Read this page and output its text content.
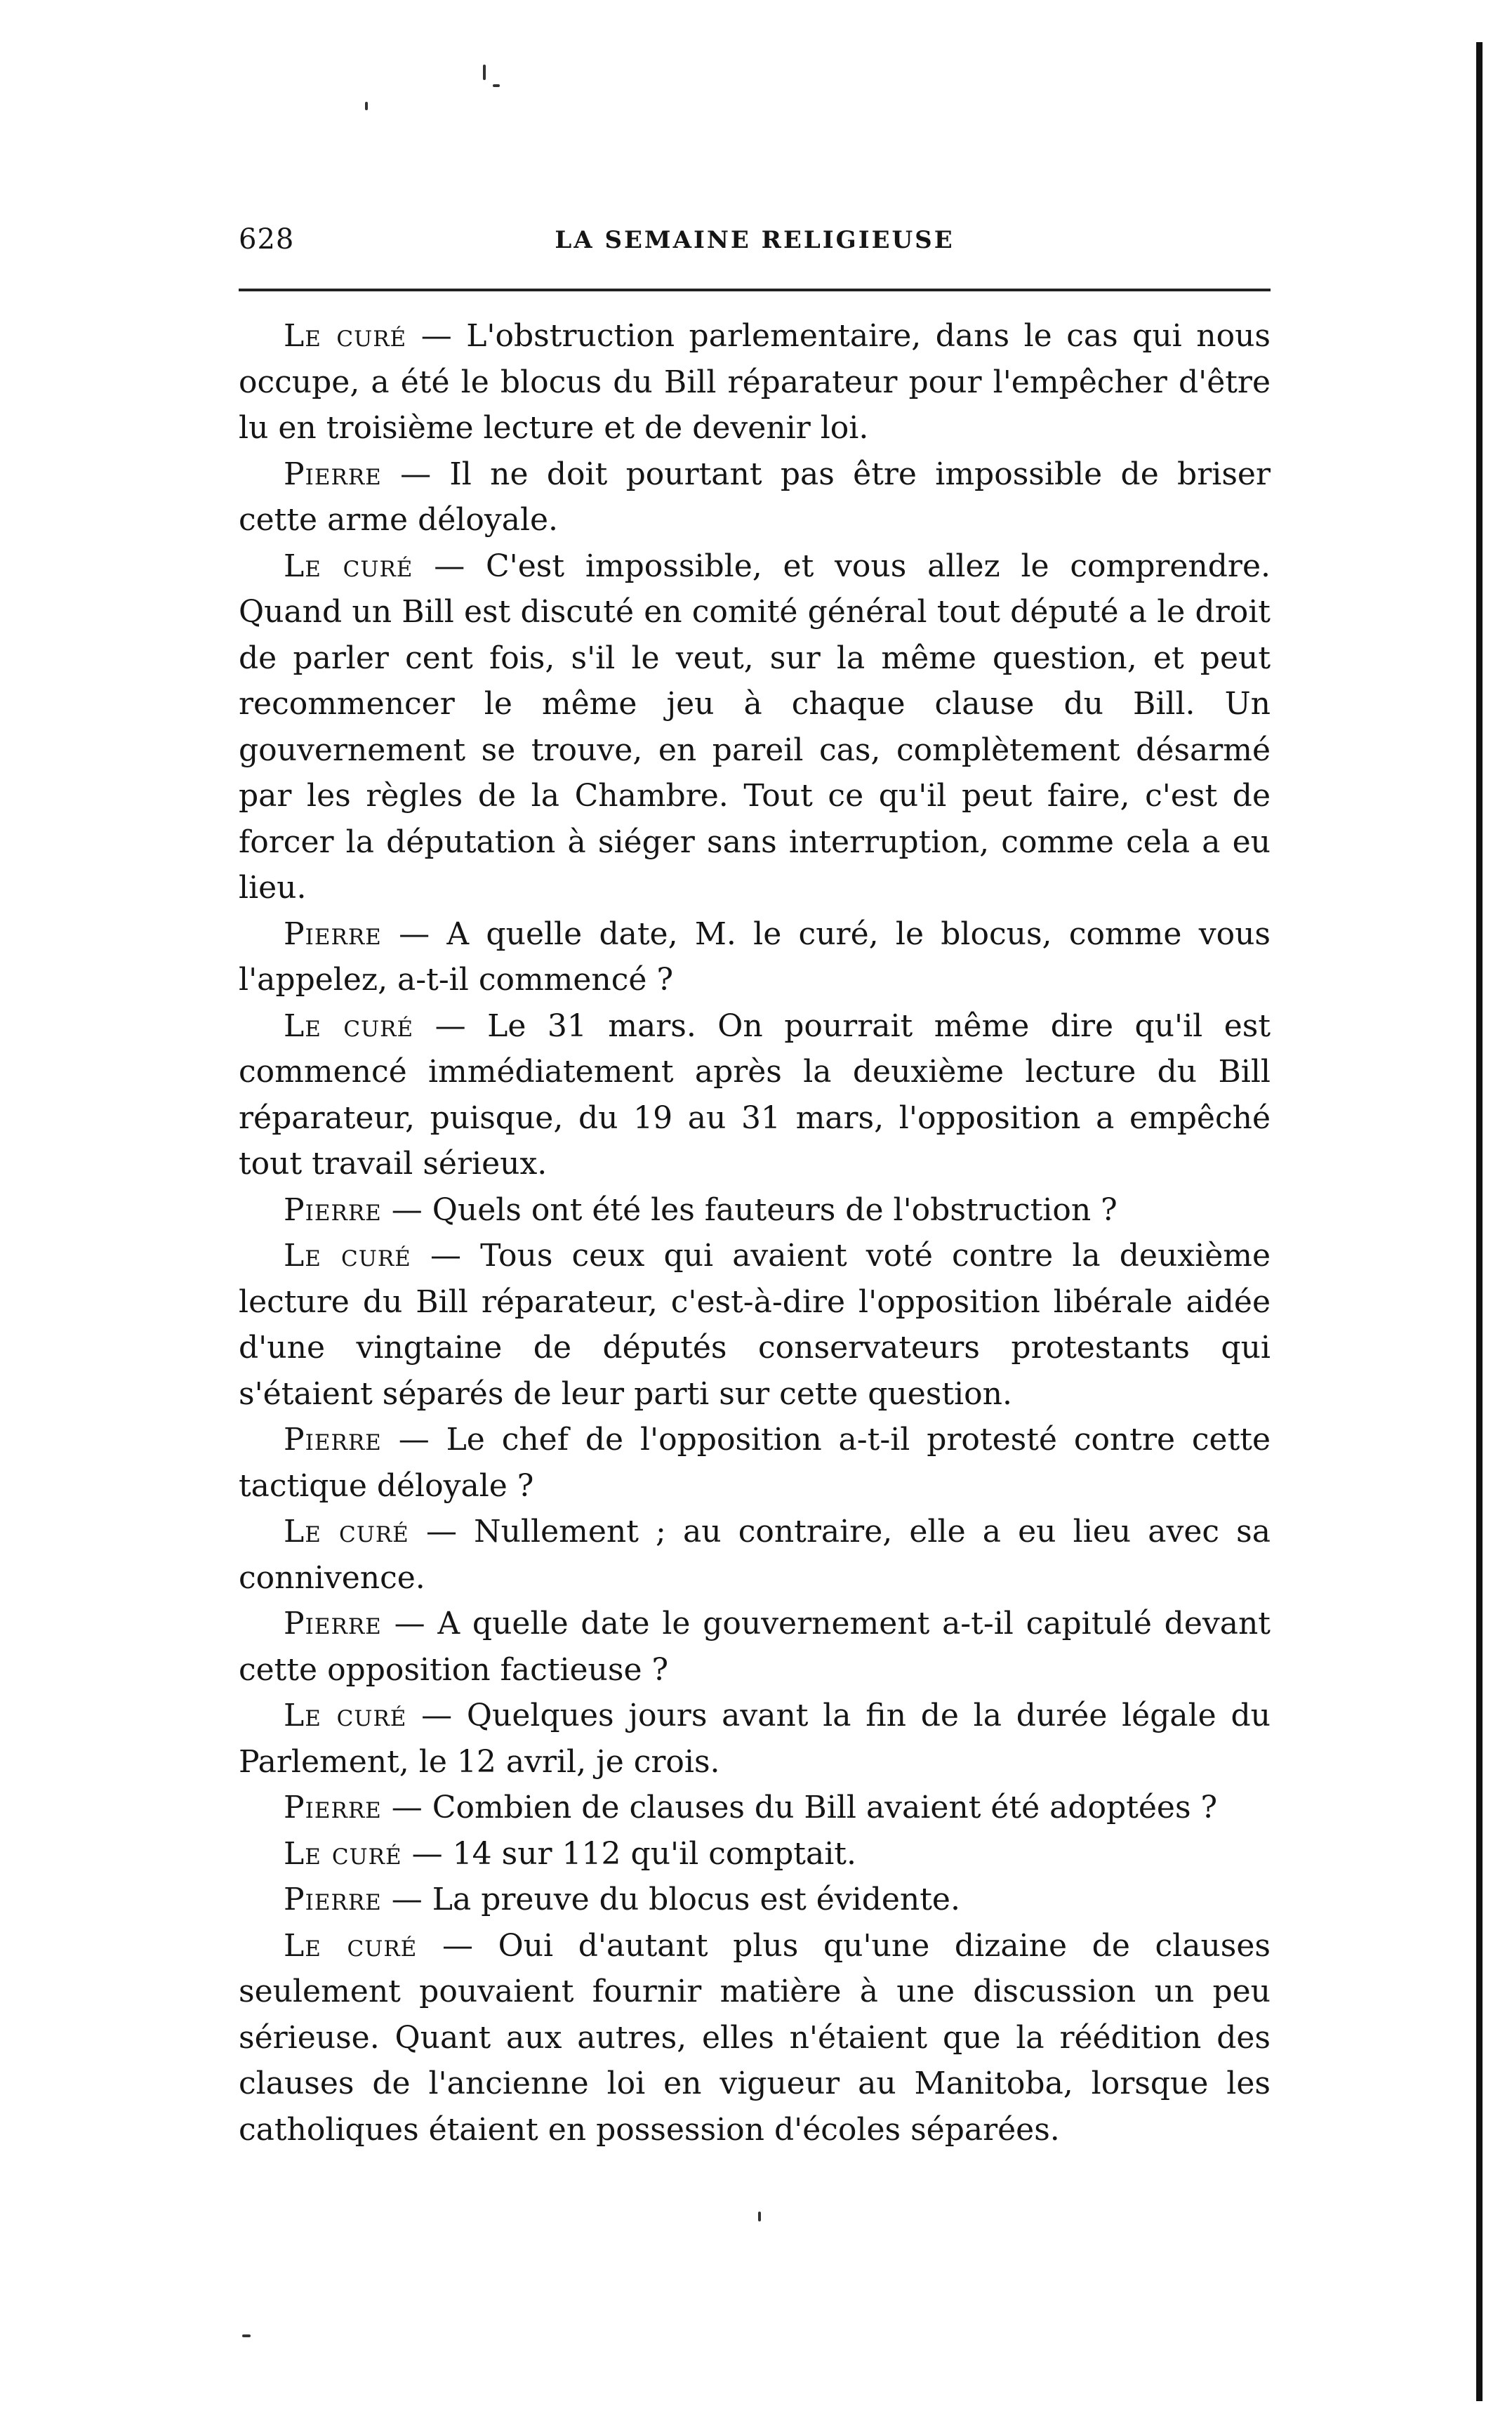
628	LA SEMAINE RELIGIEUSE

Le curé — L'obstruction parlementaire, dans le cas qui nous occupe, a été le blocus du Bill réparateur pour l'empêcher d'être lu en troisième lecture et de devenir loi.

Pierre — Il ne doit pourtant pas être impossible de briser cette arme déloyale.

Le curé — C'est impossible, et vous allez le comprendre. Quand un Bill est discuté en comité général tout député a le droit de parler cent fois, s'il le veut, sur la même question, et peut recommencer le même jeu à chaque clause du Bill. Un gouvernement se trouve, en pareil cas, complètement désarmé par les règles de la Chambre. Tout ce qu'il peut faire, c'est de forcer la députation à siéger sans interruption, comme cela a eu lieu.

Pierre — A quelle date, M. le curé, le blocus, comme vous l'appelez, a-t-il commencé ?

Le curé — Le 31 mars. On pourrait même dire qu'il est commencé immédiatement après la deuxième lecture du Bill réparateur, puisque, du 19 au 31 mars, l'opposition a empêché tout travail sérieux.

Pierre — Quels ont été les fauteurs de l'obstruction ?

Le curé — Tous ceux qui avaient voté contre la deuxième lecture du Bill réparateur, c'est-à-dire l'opposition libérale aidée d'une vingtaine de députés conservateurs protestants qui s'étaient séparés de leur parti sur cette question.

Pierre — Le chef de l'opposition a-t-il protesté contre cette tactique déloyale ?

Le curé — Nullement ; au contraire, elle a eu lieu avec sa connivence.

Pierre — A quelle date le gouvernement a-t-il capitulé devant cette opposition factieuse ?

Le curé — Quelques jours avant la fin de la durée légale du Parlement, le 12 avril, je crois.

Pierre — Combien de clauses du Bill avaient été adoptées ?

Le curé — 14 sur 112 qu'il comptait.

Pierre — La preuve du blocus est évidente.

Le curé — Oui d'autant plus qu'une dizaine de clauses seulement pouvaient fournir matière à une discussion un peu sérieuse. Quant aux autres, elles n'étaient que la réédition des clauses de l'ancienne loi en vigueur au Manitoba, lorsque les catholiques étaient en possession d'écoles séparées.
